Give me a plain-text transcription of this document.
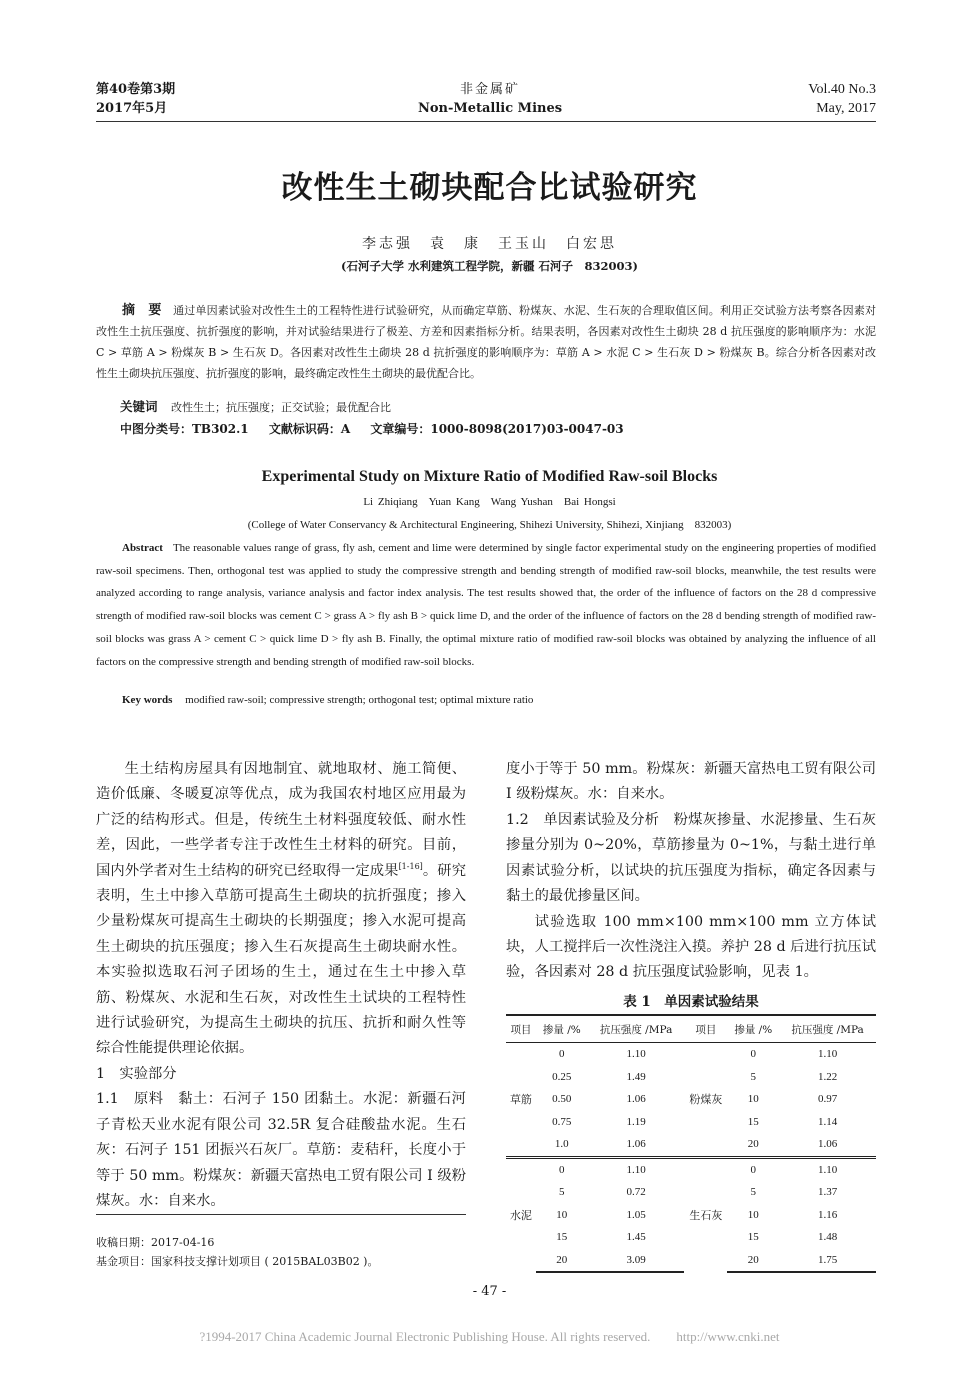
第40卷第3期
2017年5月
非金属矿
Non-Metallic Mines
Vol.40 No.3
May, 2017
改性生土砌块配合比试验研究
李志强　袁　康　王玉山　白宏思
(石河子大学 水利建筑工程学院，新疆 石河子　832003)
摘　要 通过单因素试验对改性生土的工程特性进行试验研究，从而确定草筋、粉煤灰、水泥、生石灰的合理取值区间。利用正交试验方法考察各因素对改性生土抗压强度、抗折强度的影响，并对试验结果进行了极差、方差和因素指标分析。结果表明，各因素对改性生土砌块 28 d 抗压强度的影响顺序为：水泥 C > 草筋 A > 粉煤灰 B > 生石灰 D。各因素对改性生土砌块 28 d 抗折强度的影响顺序为：草筋 A > 水泥 C > 生石灰 D > 粉煤灰 B。综合分析各因素对改性生土砌块抗压强度、抗折强度的影响，最终确定改性生土砌块的最优配合比。
关键词 改性生土；抗压强度；正交试验；最优配合比
中图分类号：TB302.1 文献标识码：A 文章编号：1000-8098(2017)03-0047-03
Experimental Study on Mixture Ratio of Modified Raw-soil Blocks
Li Zhiqiang　Yuan Kang　Wang Yushan　Bai Hongsi
(College of Water Conservancy & Architectural Engineering, Shihezi University, Shihezi, Xinjiang　832003)
Abstract The reasonable values range of grass, fly ash, cement and lime were determined by single factor experimental study on the engineering properties of modified raw-soil specimens. Then, orthogonal test was applied to study the compressive strength and bending strength of modified raw-soil blocks, meanwhile, the test results were analyzed according to range analysis, variance analysis and factor index analysis. The test results showed that, the order of the influence of factors on the 28 d compressive strength of modified raw-soil blocks was cement C > grass A > fly ash B > quick lime D, and the order of the influence of factors on the 28 d bending strength of modified raw-soil blocks was grass A > cement C > quick lime D > fly ash B. Finally, the optimal mixture ratio of modified raw-soil blocks was obtained by analyzing the influence of all factors on the compressive strength and bending strength of modified raw-soil blocks.
Key words modified raw-soil; compressive strength; orthogonal test; optimal mixture ratio

生土结构房屋具有因地制宜、就地取材、施工简便、造价低廉、冬暖夏凉等优点，成为我国农村地区应用最为广泛的结构形式。但是，传统生土材料强度较低、耐水性差，因此，一些学者专注于改性生土材料的研究。目前，国内外学者对生土结构的研究已经取得一定成果[1-16]。研究表明，生土中掺入草筋可提高生土砌块的抗折强度；掺入少量粉煤灰可提高生土砌块的长期强度；掺入水泥可提高生土砌块的抗压强度；掺入生石灰提高生土砌块耐水性。本实验拟选取石河子团场的生土，通过在生土中掺入草筋、粉煤灰、水泥和生石灰，对改性生土试块的工程特性进行试验研究，为提高生土砌块的抗压、抗折和耐久性等综合性能提供理论依据。

1　实验部分

1.1　原料　黏土：石河子 150 团黏土。水泥：新疆石河子青松天业水泥有限公司 32.5R 复合硅酸盐水泥。生石灰：石河子 151 团振兴石灰厂。草筋：麦秸秆，长度小于等于 50 mm。粉煤灰：新疆天富热电工贸有限公司 I 级粉煤灰。水：自来水。

度小于等于 50 mm。粉煤灰：新疆天富热电工贸有限公司 I 级粉煤灰。水：自来水。

1.2　单因素试验及分析　粉煤灰掺量、水泥掺量、生石灰掺量分别为 0~20%，草筋掺量为 0~1%，与黏土进行单因素试验分析，以试块的抗压强度为指标，确定各因素与黏土的最优掺量区间。

试验选取 100 mm×100 mm×100 mm 立方体试块，人工搅拌后一次性浇注入摸。养护 28 d 后进行抗压试验，各因素对 28 d 抗压强度试验影响，见表 1。

表 1　单因素试验结果
项目	掺量 /%	抗压强度 /MPa	项目	掺量 /%	抗压强度 /MPa
草筋	0	1.10	粉煤灰	0	1.10
	0.25	1.49		5	1.22
	0.50	1.06		10	0.97
	0.75	1.19		15	1.14
	1.0	1.06		20	1.06
水泥	0	1.10	生石灰	0	1.10
	5	0.72		5	1.37
	10	1.05		10	1.16
	15	1.45		15	1.48
	20	3.09		20	1.75
收稿日期：2017-04-16
基金项目：国家科技支撑计划项目 ( 2015BAL03B02 )。
- 47 -
?1994-2017 China Academic Journal Electronic Publishing House. All rights reserved.　　http://www.cnki.net
